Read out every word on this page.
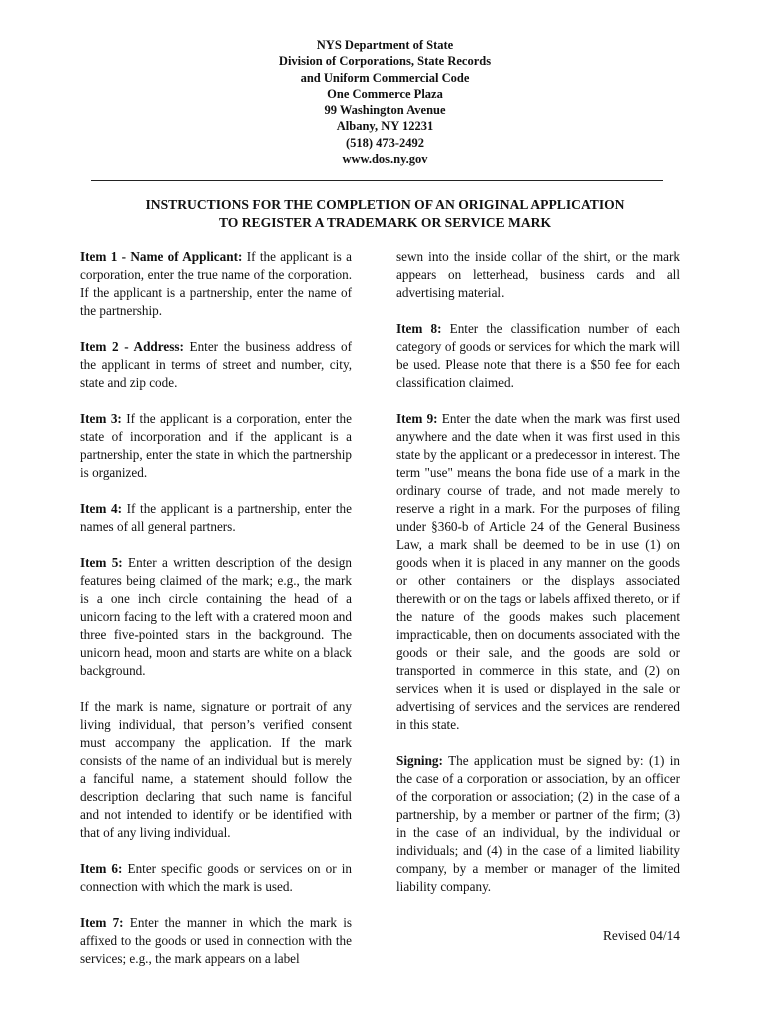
NYS Department of State
Division of Corporations, State Records
and Uniform Commercial Code
One Commerce Plaza
99 Washington Avenue
Albany, NY 12231
(518) 473-2492
www.dos.ny.gov
INSTRUCTIONS FOR THE COMPLETION OF AN ORIGINAL APPLICATION
TO REGISTER A TRADEMARK OR SERVICE MARK

Item 1 - Name of Applicant: If the applicant is a corporation, enter the true name of the corporation. If the applicant is a partnership, enter the name of the partnership.

Item 2 - Address: Enter the business address of the applicant in terms of street and number, city, state and zip code.

Item 3: If the applicant is a corporation, enter the state of incorporation and if the applicant is a partnership, enter the state in which the partnership is organized.

Item 4: If the applicant is a partnership, enter the names of all general partners.

Item 5: Enter a written description of the design features being claimed of the mark; e.g., the mark is a one inch circle containing the head of a unicorn facing to the left with a cratered moon and three five-pointed stars in the background. The unicorn head, moon and starts are white on a black background.

If the mark is name, signature or portrait of any living individual, that person’s verified consent must accompany the application. If the mark consists of the name of an individual but is merely a fanciful name, a statement should follow the description declaring that such name is fanciful and not intended to identify or be identified with that of any living individual.

Item 6: Enter specific goods or services on or in connection with which the mark is used.

Item 7: Enter the manner in which the mark is affixed to the goods or used in connection with the services; e.g., the mark appears on a label

sewn into the inside collar of the shirt, or the mark appears on letterhead, business cards and all advertising material.

Item 8: Enter the classification number of each category of goods or services for which the mark will be used. Please note that there is a $50 fee for each classification claimed.

Item 9: Enter the date when the mark was first used anywhere and the date when it was first used in this state by the applicant or a predecessor in interest. The term "use" means the bona fide use of a mark in the ordinary course of trade, and not made merely to reserve a right in a mark. For the purposes of filing under §360-b of Article 24 of the General Business Law, a mark shall be deemed to be in use (1) on goods when it is placed in any manner on the goods or other containers or the displays associated therewith or on the tags or labels affixed thereto, or if the nature of the goods makes such placement impracticable, then on documents associated with the goods or their sale, and the goods are sold or transported in commerce in this state, and (2) on services when it is used or displayed in the sale or advertising of services and the services are rendered in this state.

Signing: The application must be signed by: (1) in the case of a corporation or association, by an officer of the corporation or association; (2) in the case of a partnership, by a member or partner of the firm; (3) in the case of an individual, by the individual or individuals; and (4) in the case of a limited liability company, by a member or manager of the limited liability company.

Revised 04/14
